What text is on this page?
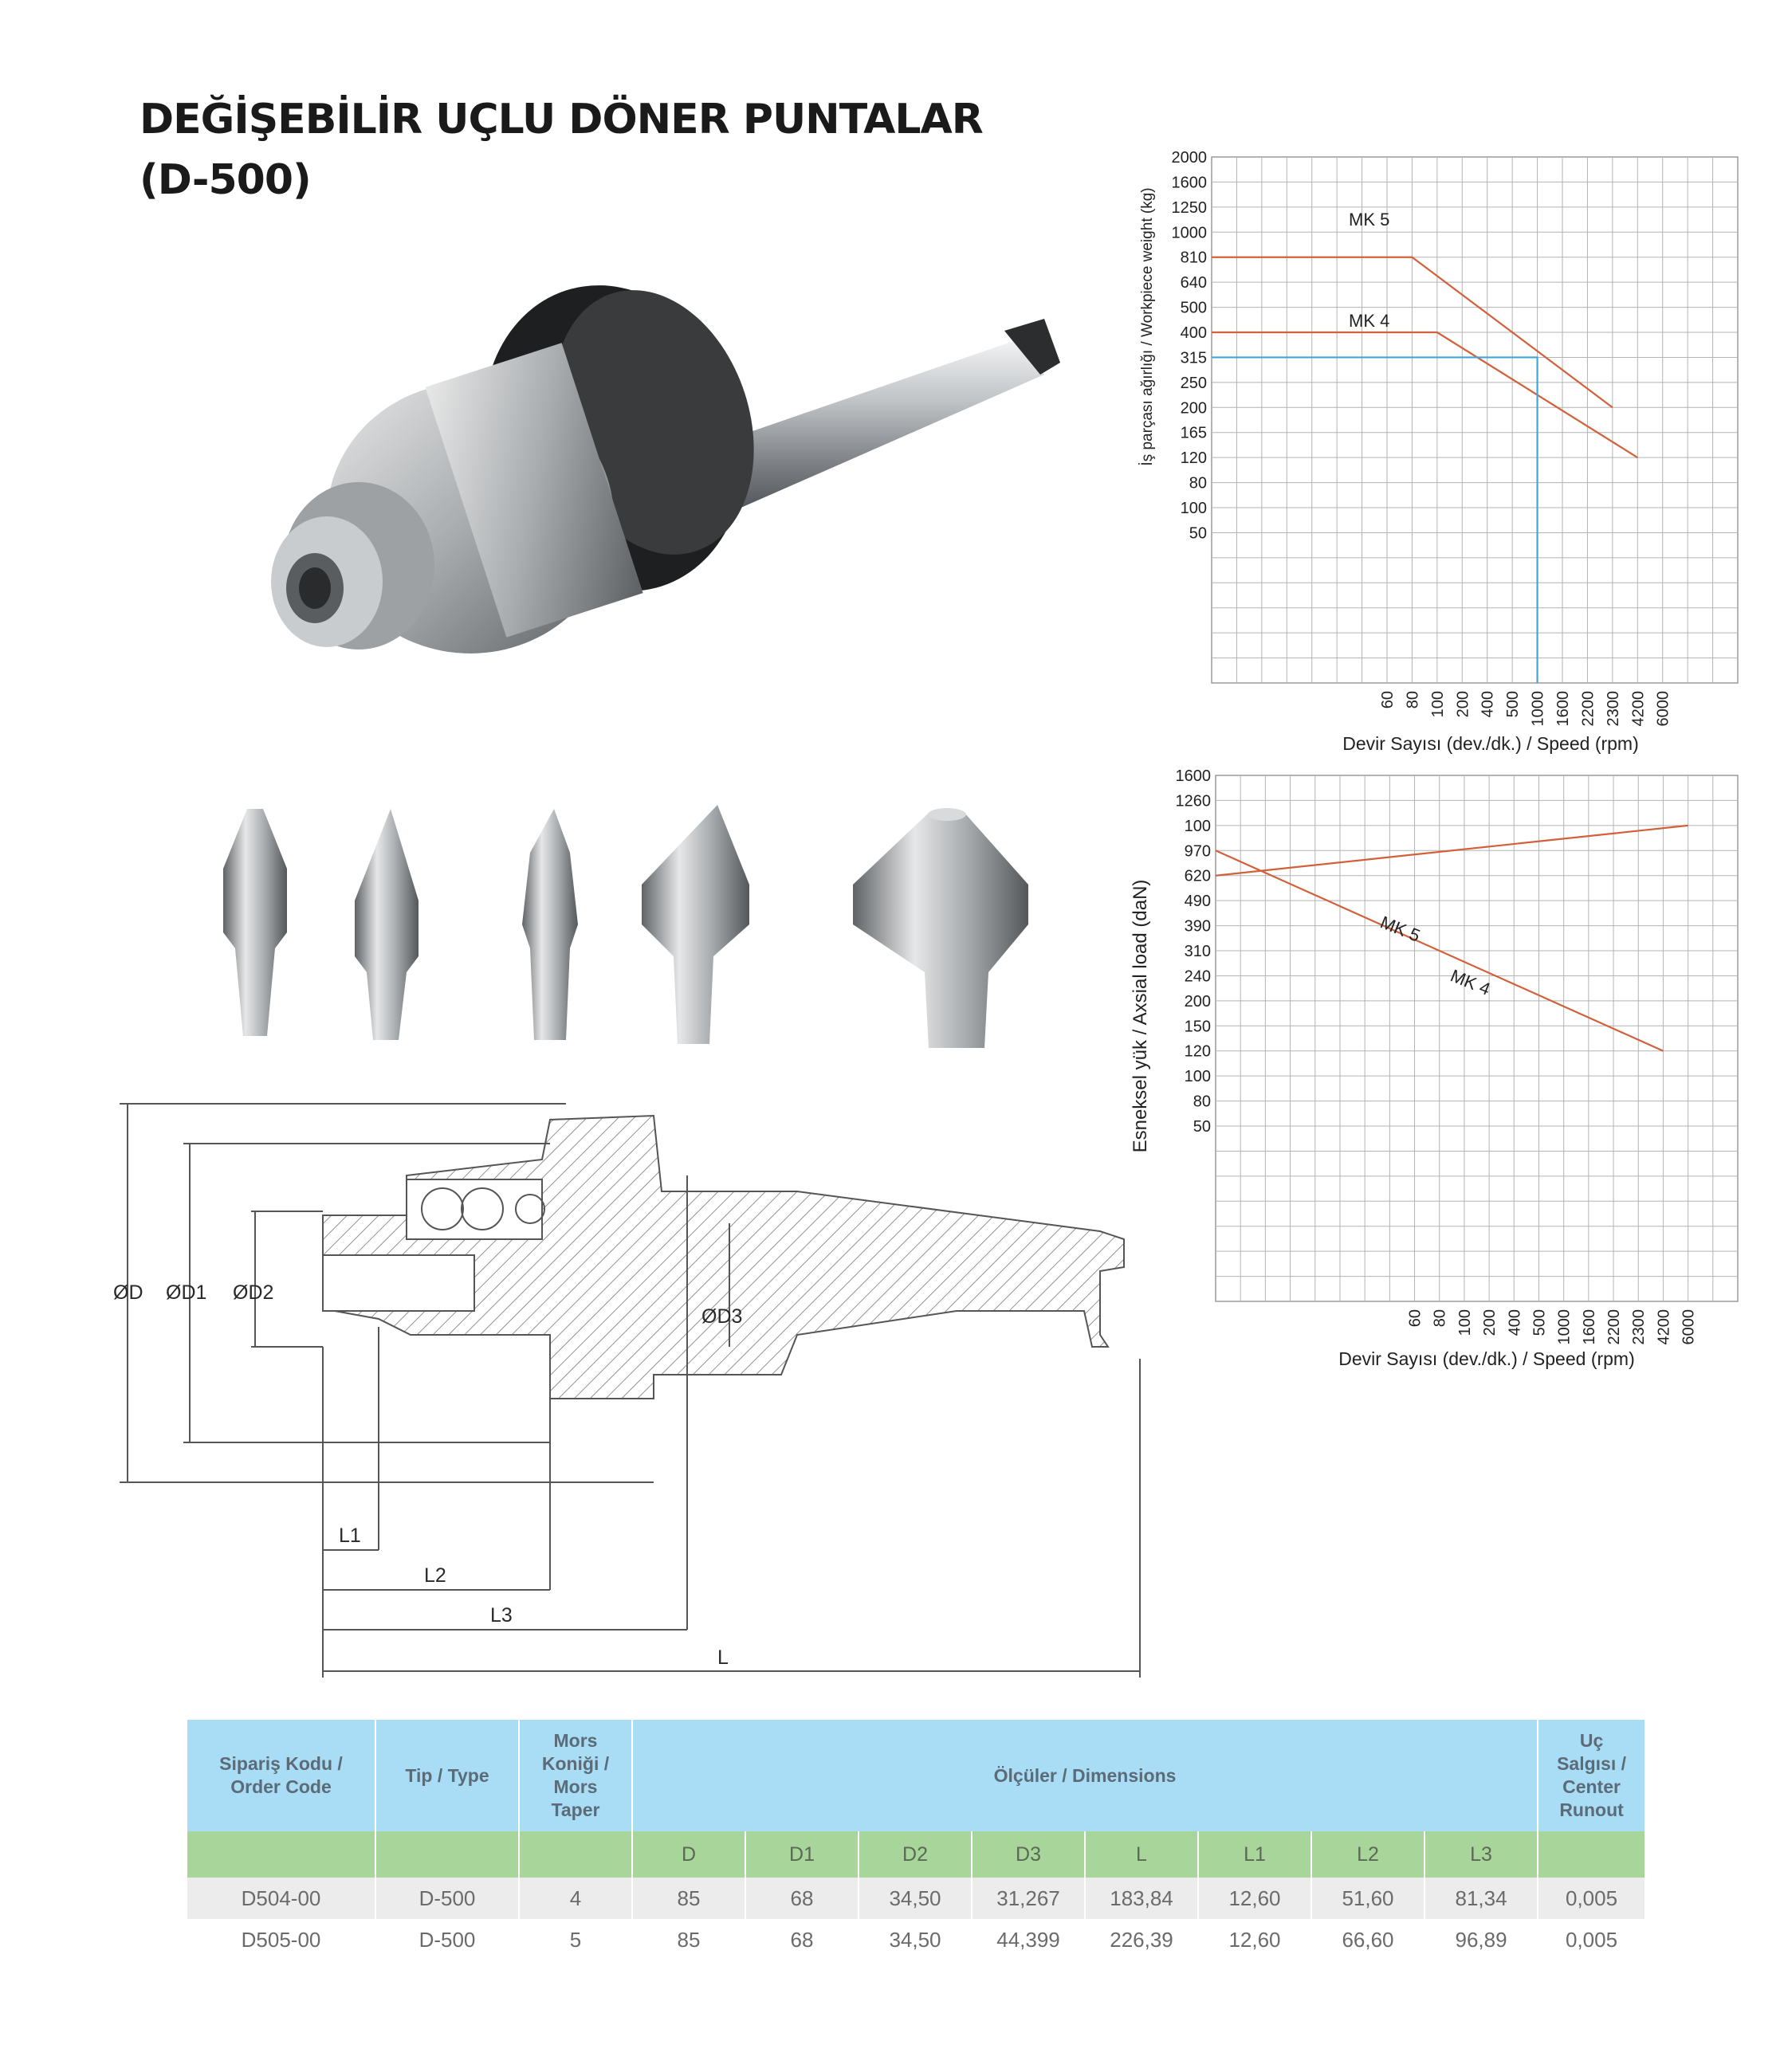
DEĞİŞEBİLİR UÇLU DÖNER PUNTALAR
(D-500)
ØD ØD1 ØD2
ØD3
L1
L2
L3
L
2000
1600
1250
1000
810
640
500
400
315
250
200
165
120
80
100
50
60 80 100 200 400 500 1000 1600 2200 2300 4200 6000
MK 5
MK 4
İş parçası ağırlığı / Workpiece weight (kg)
Devir Sayısı (dev./dk.) / Speed (rpm)
1600
1260
100
970
620
490
390
310
240
200
150
120
100
80
50
60 80 100 200 400 500 1000 1600 2200 2300 4200 6000
MK 5
MK 4
Esneksel yük / Axsial load (daN)
Devir Sayısı (dev./dk.) / Speed (rpm)
Sipariş Kodu / Order Code	Tip / Type	Mors Koniği / Mors Taper	Ölçüler / Dimensions								Uç Salgısı / Center Runout
			D	D1	D2	D3	L	L1	L2	L3	
D504-00	D-500	4	85	68	34,50	31,267	183,84	12,60	51,60	81,34	0,005
D505-00	D-500	5	85	68	34,50	44,399	226,39	12,60	66,60	96,89	0,005
